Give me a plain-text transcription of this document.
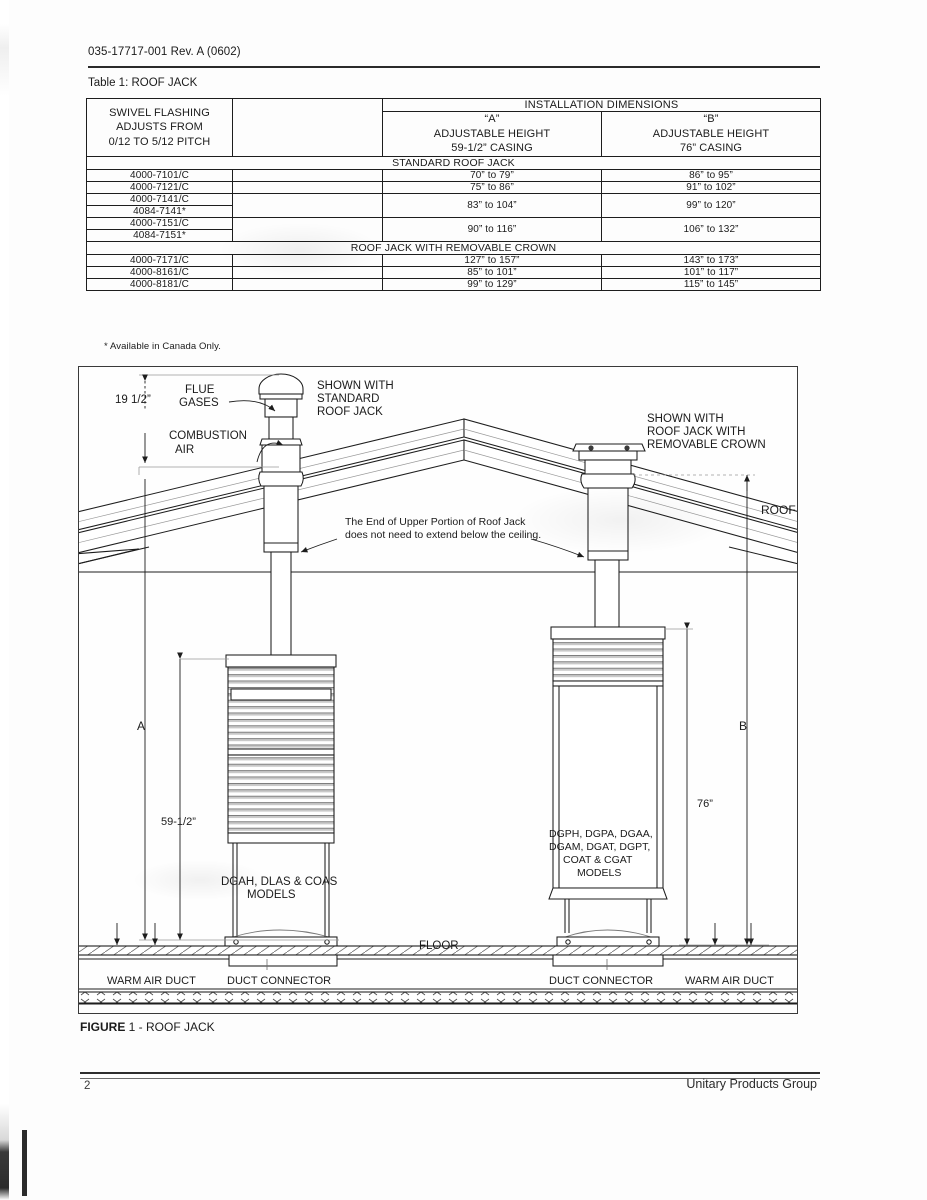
035-17717-001 Rev. A (0602)
Table 1: ROOF JACK
SWIVEL FLASHING
ADJUSTS FROM
0/12 TO 5/12 PITCH		INSTALLATION DIMENSIONS	

“A”
ADJUSTABLE HEIGHT
59-1/2” CASING

“B”
ADJUSTABLE HEIGHT
76” CASING

STANDARD ROOF JACK			
4000-7101/C		70” to 79”	86” to 95”
4000-7121/C		75” to 86”	91” to 102”
4000-7141/C		83” to 104”	99” to 120”
4084-7141*			
4000-7151/C		90” to 116”	106” to 132”
4084-7151*			
ROOF JACK WITH REMOVABLE CROWN			
4000-7171/C		127” to 157”	143” to 173”
4000-8161/C		85” to 101”	101” to 117”
4000-8181/C		99” to 129”	115” to 145”
* Available in Canada Only.
19 1/2”
FLUE
GASES
COMBUSTION
AIR
SHOWN WITH
STANDARD
ROOF JACK
SHOWN WITH
ROOF JACK WITH
REMOVABLE CROWN
ROOF
The End of Upper Portion of Roof Jack
does not need to extend below the ceiling.
A	B
59-1/2”
76”
DGAH, DLAS & COAS
MODELS
DGPH, DGPA, DGAA,
DGAM, DGAT, DGPT,
COAT & CGAT
MODELS
FLOOR
WARM AIR DUCT	DUCT CONNECTOR	DUCT CONNECTOR	WARM AIR DUCT
FIGURE 1 - ROOF JACK
2	Unitary Products Group
